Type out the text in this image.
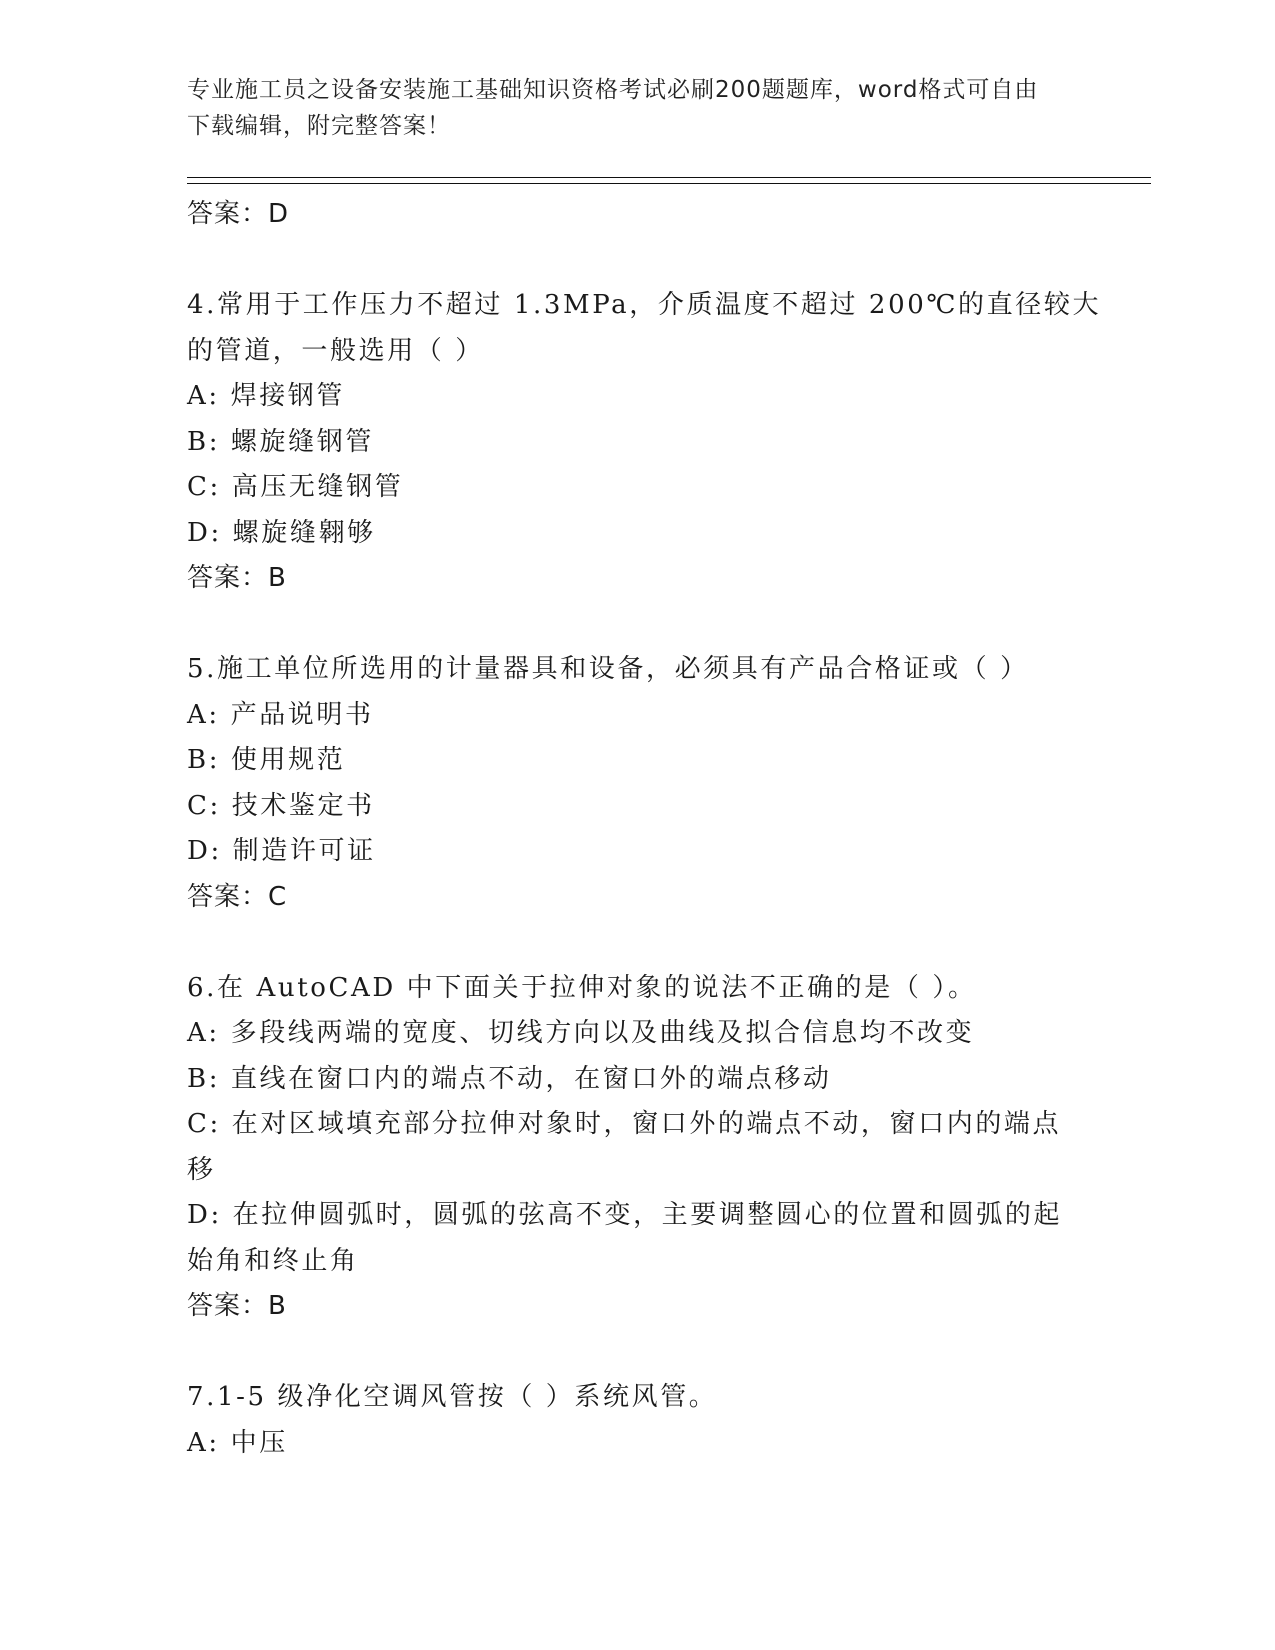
专业施工员之设备安装施工基础知识资格考试必刷200题题库，word格式可自由
下载编辑，附完整答案！
答案：D
4.常用于工作压力不超过 1.3MPa，介质温度不超过 200℃的直径较大
的管道，一般选用（ ）
A: 焊接钢管
B: 螺旋缝钢管
C: 高压无缝钢管
D: 螺旋缝翱够
答案：B
5.施工单位所选用的计量器具和设备，必须具有产品合格证或（ ）
A: 产品说明书
B: 使用规范
C: 技术鉴定书
D: 制造许可证
答案：C
6.在 AutoCAD 中下面关于拉伸对象的说法不正确的是（ ）。
A: 多段线两端的宽度、切线方向以及曲线及拟合信息均不改变
B: 直线在窗口内的端点不动，在窗口外的端点移动
C: 在对区域填充部分拉伸对象时，窗口外的端点不动，窗口内的端点
移
D: 在拉伸圆弧时，圆弧的弦高不变，主要调整圆心的位置和圆弧的起
始角和终止角
答案：B
7.1-5 级净化空调风管按（ ）系统风管。
A: 中压
